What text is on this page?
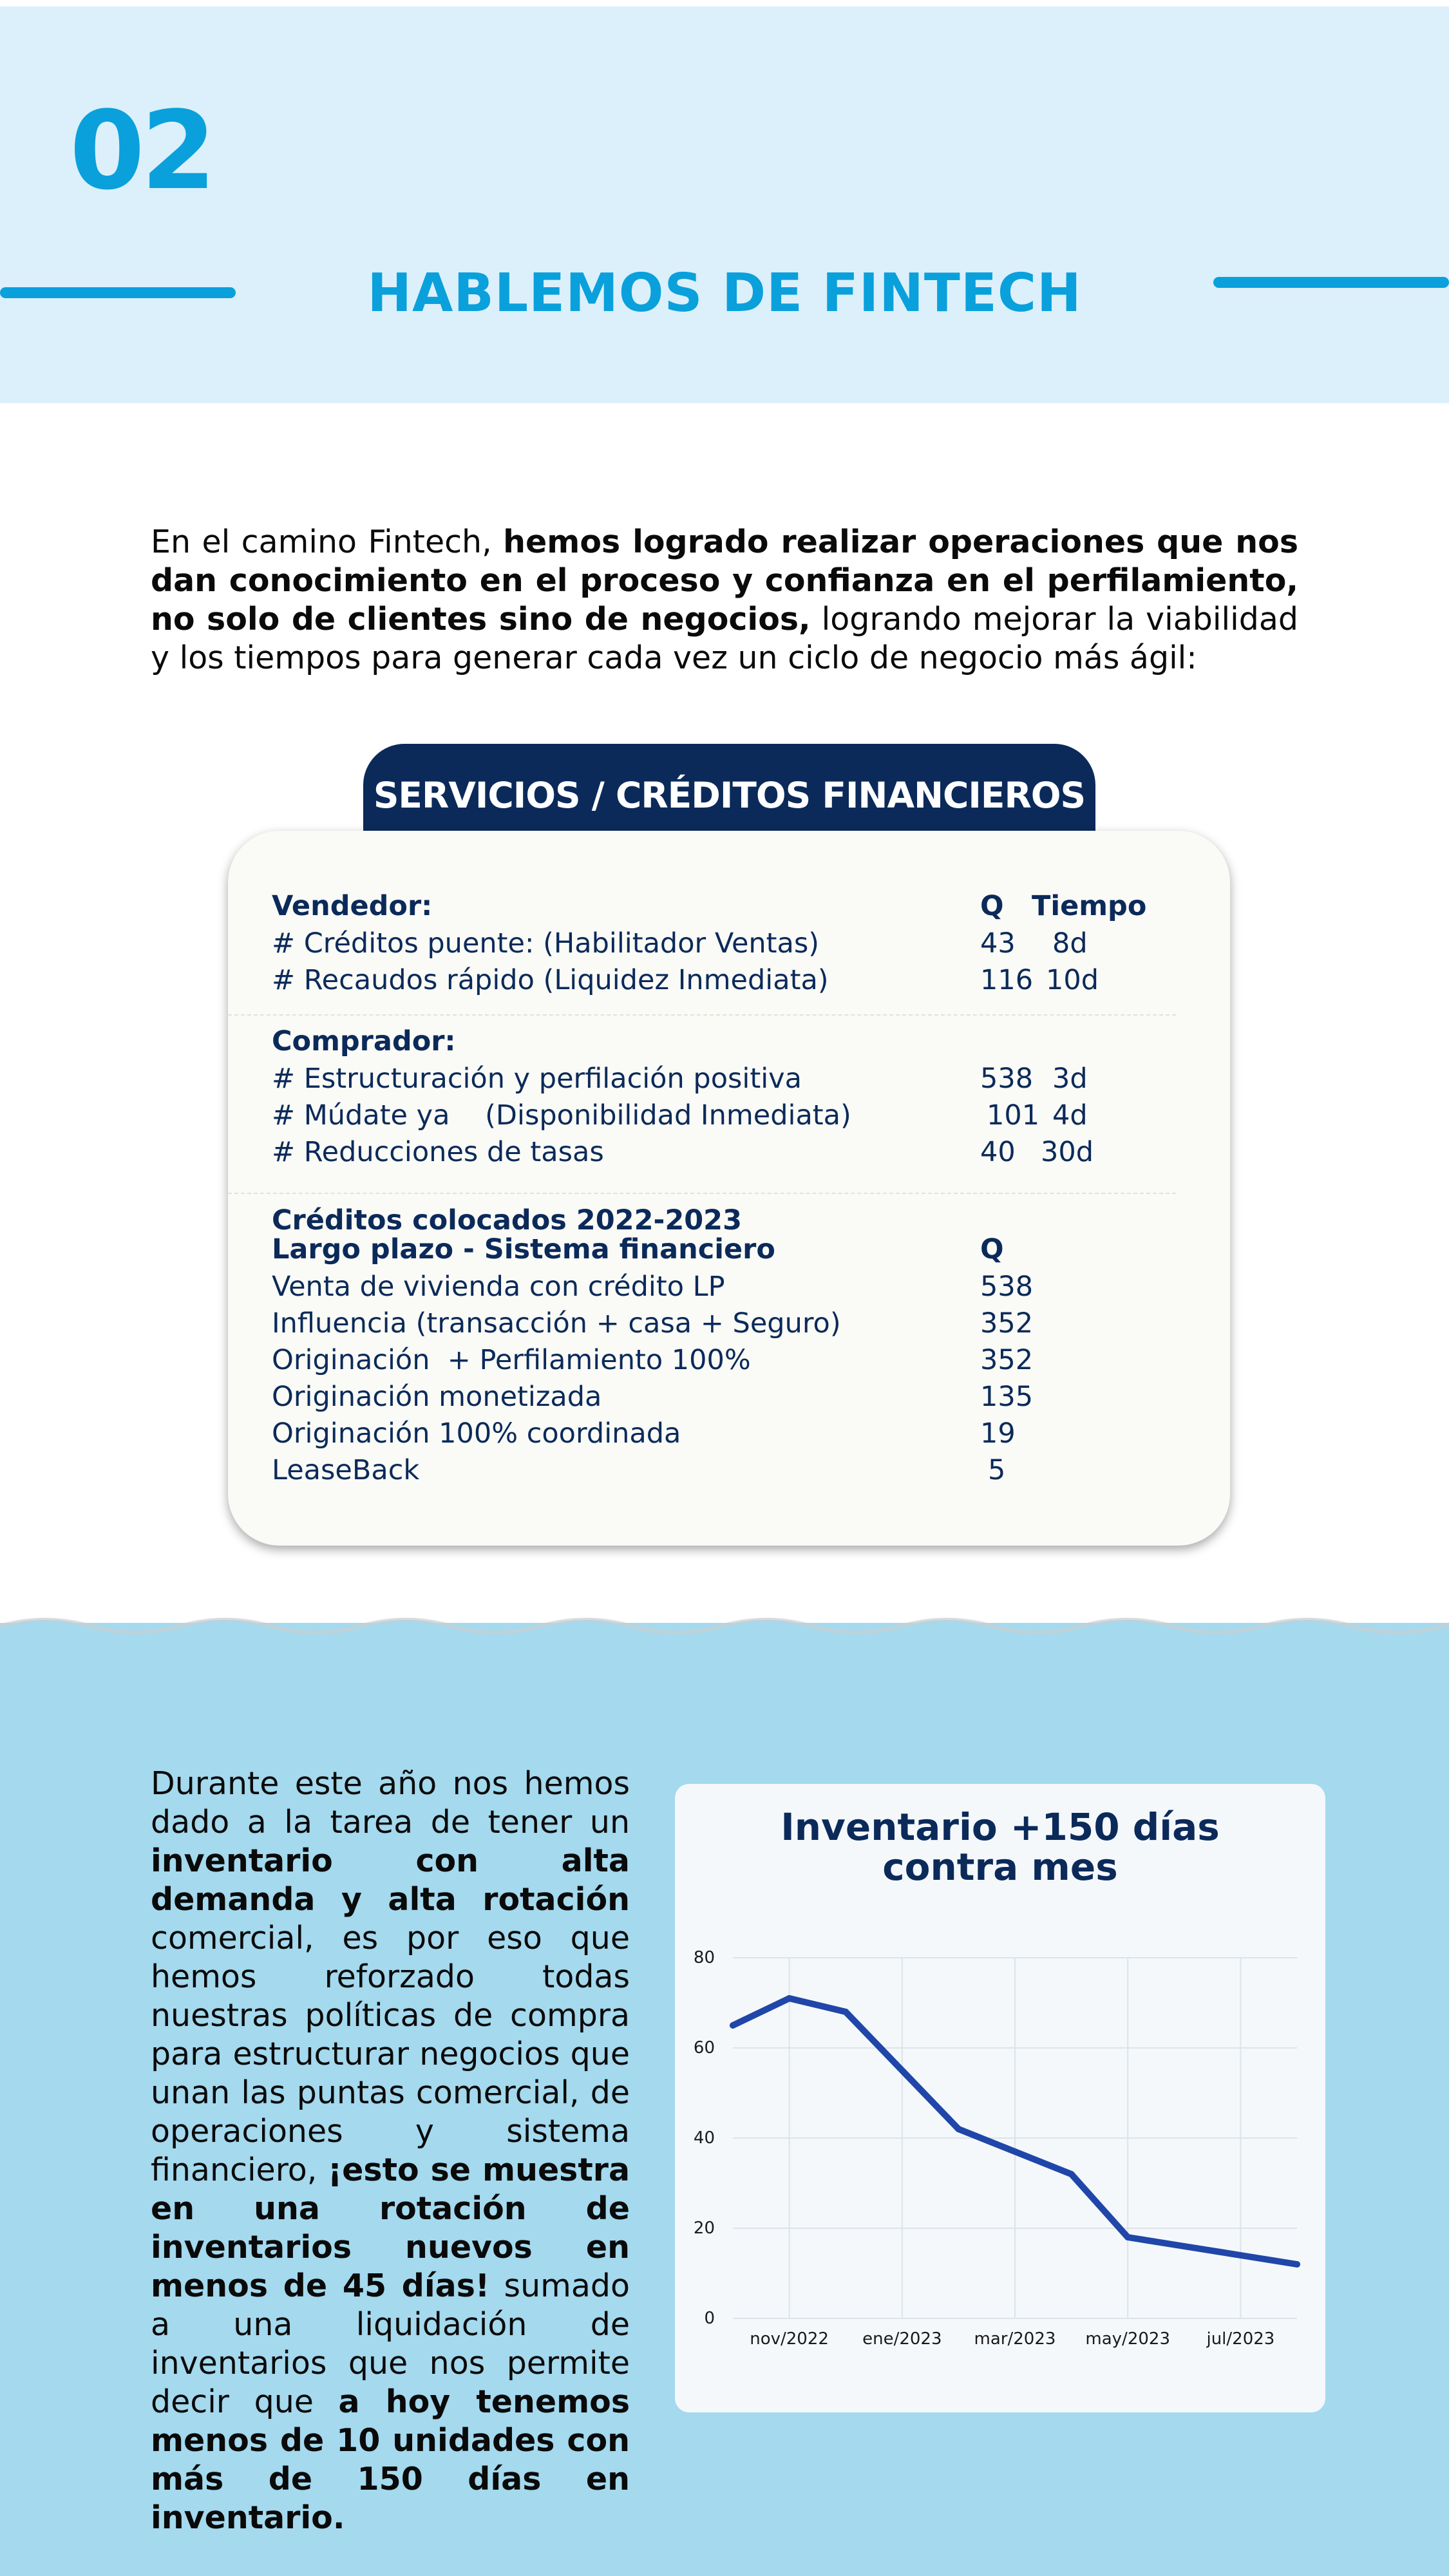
02
HABLEMOS DE FINTECH
En el camino Fintech, hemos logrado realizar operaciones que nos dan conocimiento en el proceso y confianza en el perfilamiento, no solo de clientes sino de negocios, logrando mejorar la viabilidad y los tiempos para generar cada vez un ciclo de negocio más ágil:
SERVICIOS / CRÉDITOS FINANCIEROS
Vendedor:	Q Tiempo
# Créditos puente: (Habilitador Ventas)	43 8d
# Recaudos rápido (Liquidez Inmediata)	116 10d
Comprador:
# Estructuración y perfilación positiva	538 3d
# Múdate ya    (Disponibilidad Inmediata)	101 4d
# Reducciones de tasas	40 30d
Créditos colocados 2022-2023
Largo plazo - Sistema financiero	Q
Venta de vivienda con crédito LP	538
Influencia (transacción + casa + Seguro)	352
Originación  + Perfilamiento 100%	352
Originación monetizada	135
Originación 100% coordinada	19
LeaseBack	5
Durante este año nos hemos dado a la tarea de tener un inventario con alta demanda y alta rotación comercial, es por eso que hemos reforzado todas nuestras políticas de compra para estructurar negocios que unan las puntas comercial, de operaciones y sistema financiero, ¡esto se muestra en una rotación de inventarios nuevos en menos de 45 días! sumado a una liquidación de inventarios que nos permite decir que a hoy tenemos menos de 10 unidades con más de 150 días en inventario.
Inventario +150 días
contra mes
0
20
40
60
80
nov/2022 ene/2023 mar/2023 may/2023 jul/2023
